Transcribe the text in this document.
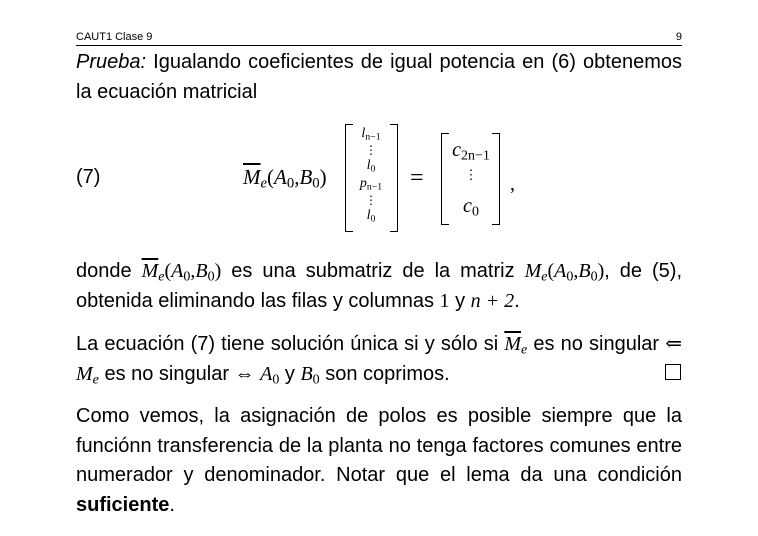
CAUT1 Clase 9	9
Prueba: Igualando coeficientes de igual potencia en (6) obtenemos la ecuación matricial
(7)	$\overline{M}_e(A_0,B_0)$
$l_{n-1}$
⋮
$l_0$
$p_{n-1}$
⋮
$l_0$
=
$c_{2n-1}$
⋮
$c_0$
,
donde $\overline{M}_e(A_0,B_0)$ es una submatriz de la matriz $M_e(A_0,B_0)$, de (5), obtenida eliminando las filas y columnas 1 y n + 2.
La ecuación (7) tiene solución única si y sólo si $\overline{M}_e$ es no singular ⇐ $M_e$ es no singular ⇔ $A_0$ y $B_0$ son coprimos.
Como vemos, la asignación de polos es posible siempre que la funciónn transferencia de la planta no tenga factores comunes entre numerador y denominador. Notar que el lema da una condición suficiente.
